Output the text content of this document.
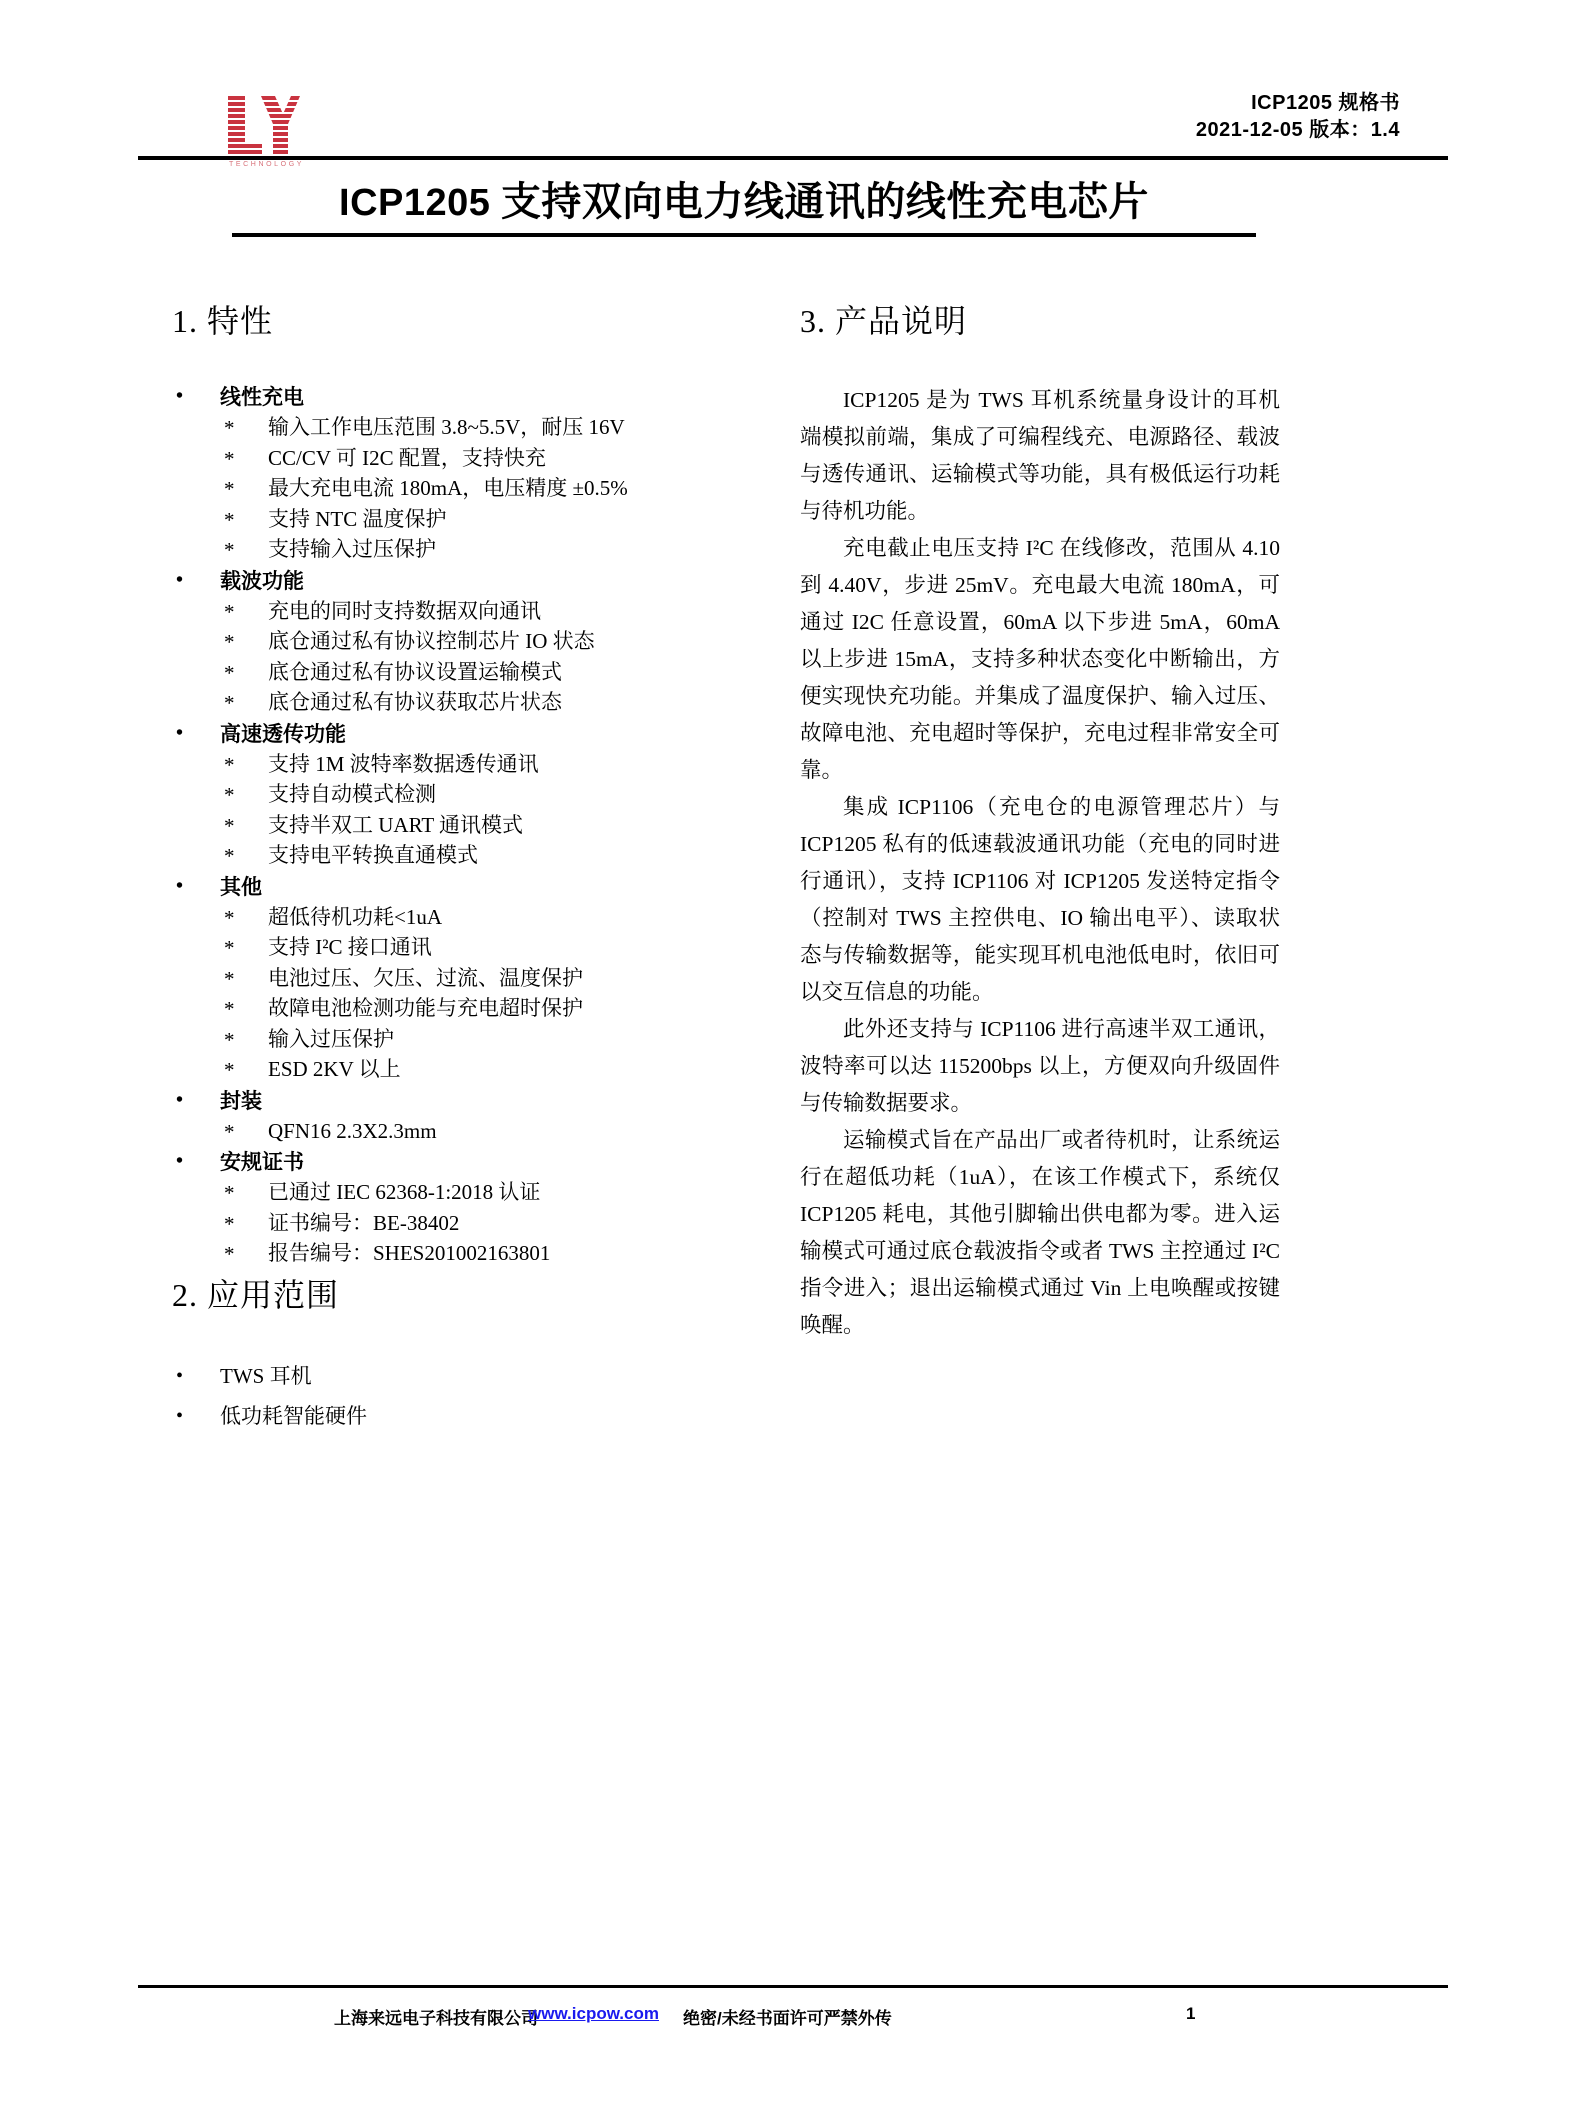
TECHNOLOGY
ICP1205 规格书
2021-12-05 版本：1.4
ICP1205 支持双向电力线通讯的线性充电芯片
1. 特性
• 线性充电
* 输入工作电压范围 3.8~5.5V，耐压 16V
* CC/CV 可 I2C 配置，支持快充
* 最大充电电流 180mA，电压精度 ±0.5%
* 支持 NTC 温度保护
* 支持输入过压保护
• 载波功能
* 充电的同时支持数据双向通讯
* 底仓通过私有协议控制芯片 IO 状态
* 底仓通过私有协议设置运输模式
* 底仓通过私有协议获取芯片状态
• 高速透传功能
* 支持 1M 波特率数据透传通讯
* 支持自动模式检测
* 支持半双工 UART 通讯模式
* 支持电平转换直通模式
• 其他
* 超低待机功耗<1uA
* 支持 I²C 接口通讯
* 电池过压、欠压、过流、温度保护
* 故障电池检测功能与充电超时保护
* 输入过压保护
* ESD 2KV 以上
• 封装
* QFN16 2.3X2.3mm
• 安规证书
* 已通过 IEC 62368-1:2018 认证
* 证书编号：BE-38402
* 报告编号：SHES201002163801
2. 应用范围
• TWS 耳机
• 低功耗智能硬件
3. 产品说明

ICP1205 是为 TWS 耳机系统量身设计的耳机端模拟前端，集成了可编程线充、电源路径、载波与透传通讯、运输模式等功能，具有极低运行功耗与待机功能。

充电截止电压支持 I²C 在线修改，范围从 4.10 到 4.40V，步进 25mV。充电最大电流 180mA，可通过 I2C 任意设置，60mA 以下步进 5mA，60mA 以上步进 15mA，支持多种状态变化中断输出，方便实现快充功能。并集成了温度保护、输入过压、故障电池、充电超时等保护，充电过程非常安全可靠。

集成 ICP1106（充电仓的电源管理芯片）与 ICP1205 私有的低速载波通讯功能（充电的同时进行通讯），支持 ICP1106 对 ICP1205 发送特定指令（控制对 TWS 主控供电、IO 输出电平）、读取状态与传输数据等，能实现耳机电池低电时，依旧可以交互信息的功能。

此外还支持与 ICP1106 进行高速半双工通讯，波特率可以达 115200bps 以上，方便双向升级固件与传输数据要求。

运输模式旨在产品出厂或者待机时，让系统运行在超低功耗（1uA），在该工作模式下，系统仅 ICP1205 耗电，其他引脚输出供电都为零。进入运输模式可通过底仓载波指令或者 TWS 主控通过 I²C 指令进入；退出运输模式通过 Vin 上电唤醒或按键唤醒。

上海来远电子科技有限公司
www.icpow.com 绝密/未经书面许可严禁外传	1
